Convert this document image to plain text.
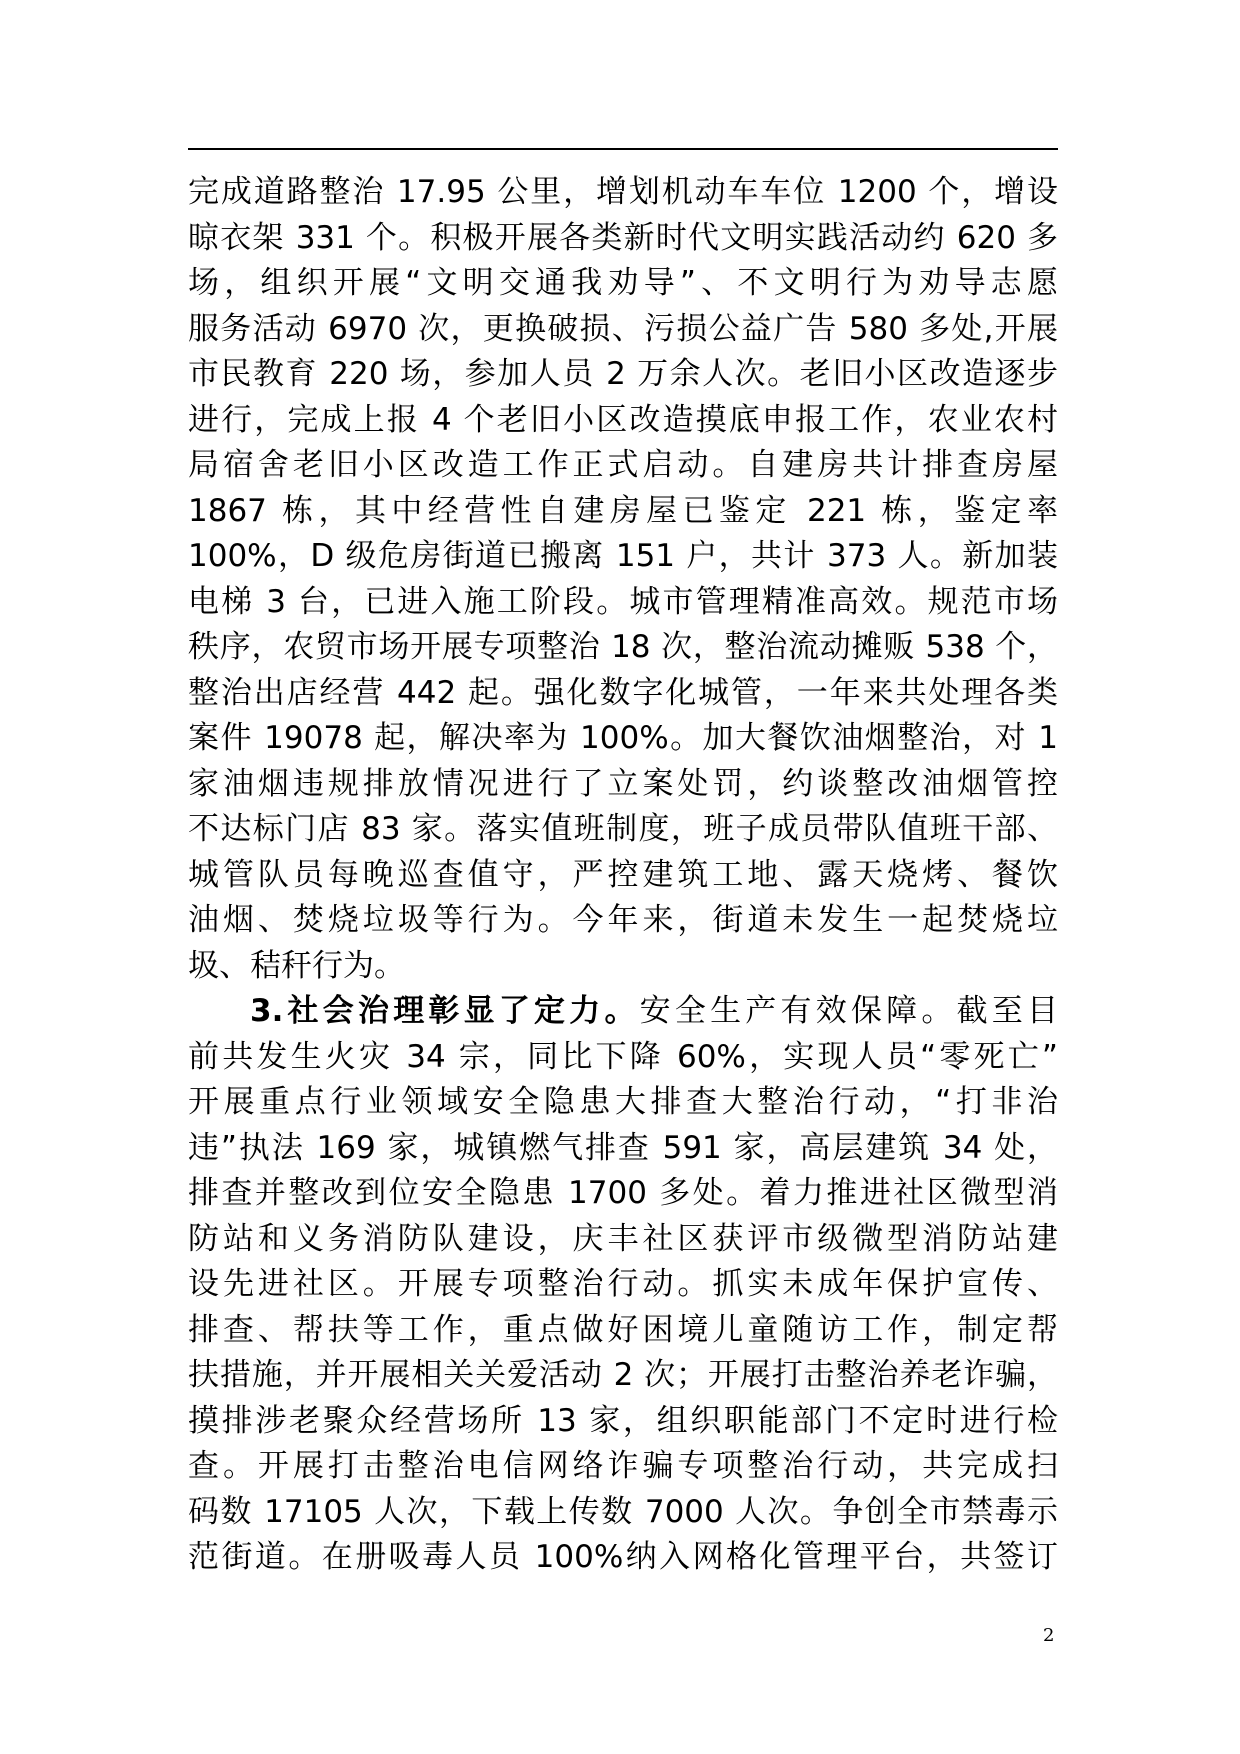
完成道路整治 17.95 公里，增划机动车车位 1200 个，增设
晾衣架 331 个。积极开展各类新时代文明实践活动约 620 多
场，组织开展“文明交通我劝导”、不文明行为劝导志愿
服务活动 6970 次，更换破损、污损公益广告 580 多处,开展
市民教育 220 场，参加人员 2 万余人次。老旧小区改造逐步
进行，完成上报 4 个老旧小区改造摸底申报工作，农业农村
局宿舍老旧小区改造工作正式启动。自建房共计排查房屋
1867 栋，其中经营性自建房屋已鉴定 221 栋，鉴定率
100%，D 级危房街道已搬离 151 户，共计 373 人。新加装
电梯 3 台，已进入施工阶段。城市管理精准高效。规范市场
秩序，农贸市场开展专项整治 18 次，整治流动摊贩 538 个，
整治出店经营 442 起。强化数字化城管，一年来共处理各类
案件 19078 起，解决率为 100%。加大餐饮油烟整治，对 1
家油烟违规排放情况进行了立案处罚，约谈整改油烟管控
不达标门店 83 家。落实值班制度，班子成员带队值班干部、
城管队员每晚巡查值守，严控建筑工地、露天烧烤、餐饮
油烟、焚烧垃圾等行为。今年来，街道未发生一起焚烧垃
圾、秸秆行为。
3.社会治理彰显了定力。安全生产有效保障。截至目
前共发生火灾 34 宗，同比下降 60%，实现人员“零死亡”
开展重点行业领域安全隐患大排查大整治行动，“打非治
违”执法 169 家，城镇燃气排查 591 家，高层建筑 34 处，
排查并整改到位安全隐患 1700 多处。着力推进社区微型消
防站和义务消防队建设，庆丰社区获评市级微型消防站建
设先进社区。开展专项整治行动。抓实未成年保护宣传、
排查、帮扶等工作，重点做好困境儿童随访工作，制定帮
扶措施，并开展相关关爱活动 2 次；开展打击整治养老诈骗，
摸排涉老聚众经营场所 13 家，组织职能部门不定时进行检
查。开展打击整治电信网络诈骗专项整治行动，共完成扫
码数 17105 人次，下载上传数 7000 人次。争创全市禁毒示
范街道。在册吸毒人员 100%纳入网格化管理平台，共签订
2
